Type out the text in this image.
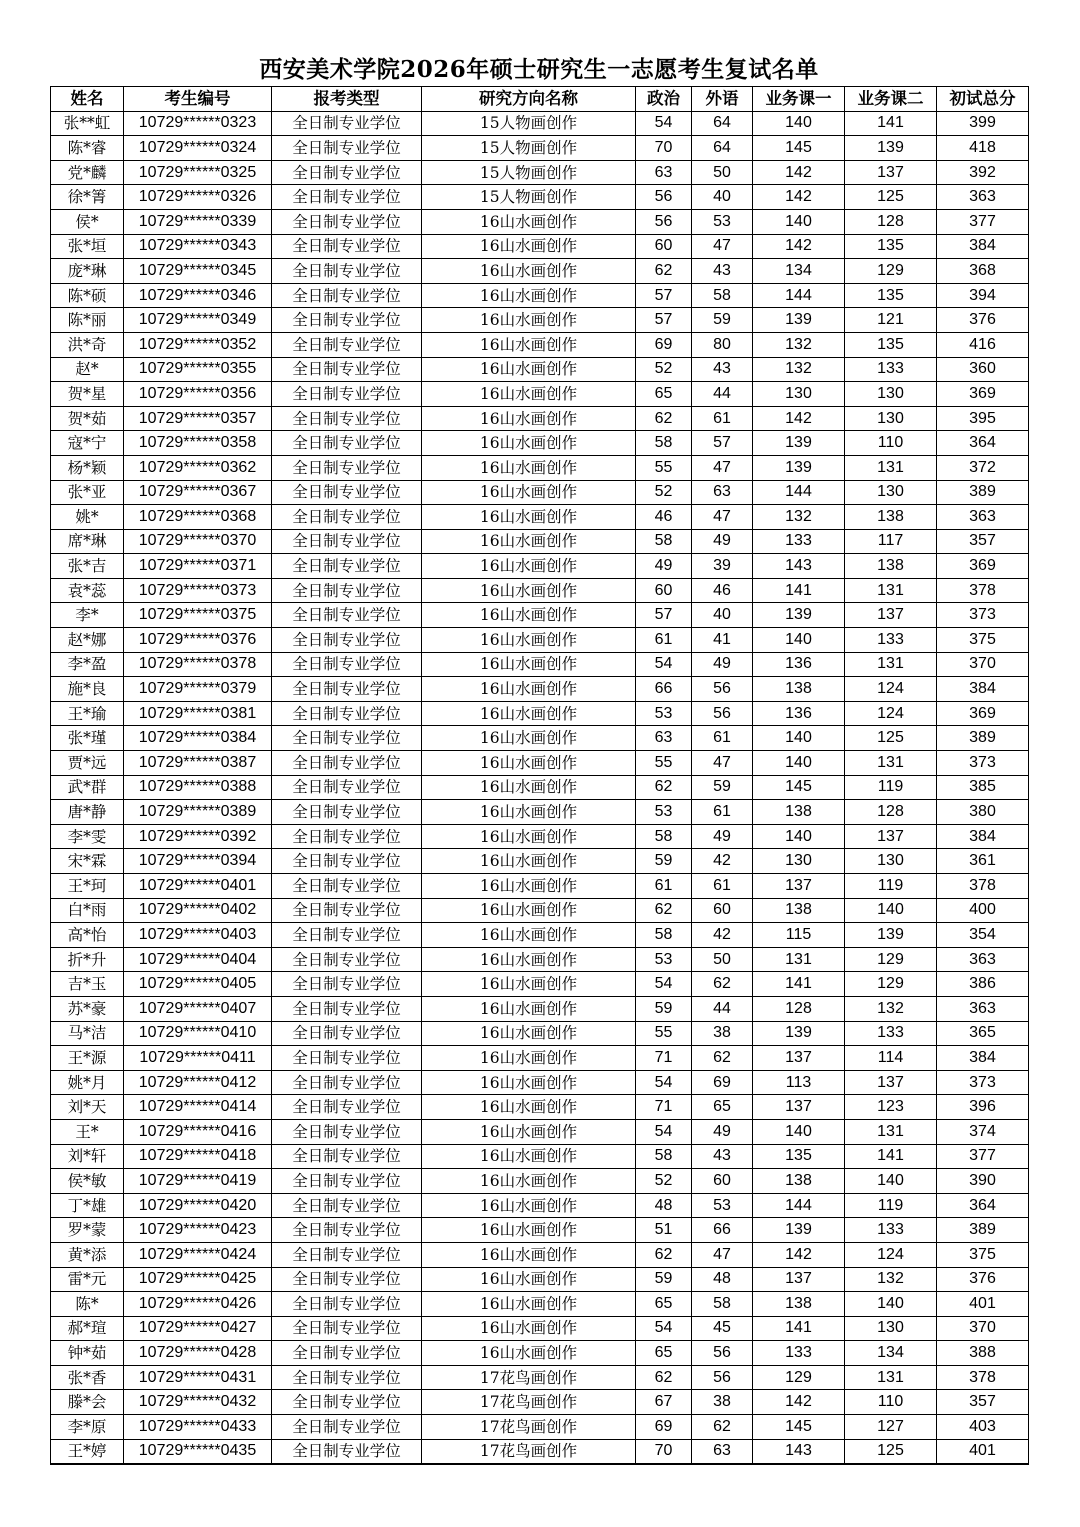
西安美术学院2026年硕士研究生一志愿考生复试名单
姓名	考生编号	报考类型	研究方向名称	政治	外语	业务课一	业务课二	初试总分
张**虹	10729******0323	全日制专业学位	15人物画创作	54	64	140	141	399
陈*睿	10729******0324	全日制专业学位	15人物画创作	70	64	145	139	418
党*麟	10729******0325	全日制专业学位	15人物画创作	63	50	142	137	392
徐*箐	10729******0326	全日制专业学位	15人物画创作	56	40	142	125	363
侯*	10729******0339	全日制专业学位	16山水画创作	56	53	140	128	377
张*垣	10729******0343	全日制专业学位	16山水画创作	60	47	142	135	384
庞*琳	10729******0345	全日制专业学位	16山水画创作	62	43	134	129	368
陈*硕	10729******0346	全日制专业学位	16山水画创作	57	58	144	135	394
陈*丽	10729******0349	全日制专业学位	16山水画创作	57	59	139	121	376
洪*奇	10729******0352	全日制专业学位	16山水画创作	69	80	132	135	416
赵*	10729******0355	全日制专业学位	16山水画创作	52	43	132	133	360
贺*星	10729******0356	全日制专业学位	16山水画创作	65	44	130	130	369
贺*茹	10729******0357	全日制专业学位	16山水画创作	62	61	142	130	395
寇*宁	10729******0358	全日制专业学位	16山水画创作	58	57	139	110	364
杨*颖	10729******0362	全日制专业学位	16山水画创作	55	47	139	131	372
张*亚	10729******0367	全日制专业学位	16山水画创作	52	63	144	130	389
姚*	10729******0368	全日制专业学位	16山水画创作	46	47	132	138	363
席*琳	10729******0370	全日制专业学位	16山水画创作	58	49	133	117	357
张*吉	10729******0371	全日制专业学位	16山水画创作	49	39	143	138	369
袁*蕊	10729******0373	全日制专业学位	16山水画创作	60	46	141	131	378
李*	10729******0375	全日制专业学位	16山水画创作	57	40	139	137	373
赵*娜	10729******0376	全日制专业学位	16山水画创作	61	41	140	133	375
李*盈	10729******0378	全日制专业学位	16山水画创作	54	49	136	131	370
施*良	10729******0379	全日制专业学位	16山水画创作	66	56	138	124	384
王*瑜	10729******0381	全日制专业学位	16山水画创作	53	56	136	124	369
张*瑾	10729******0384	全日制专业学位	16山水画创作	63	61	140	125	389
贾*远	10729******0387	全日制专业学位	16山水画创作	55	47	140	131	373
武*群	10729******0388	全日制专业学位	16山水画创作	62	59	145	119	385
唐*静	10729******0389	全日制专业学位	16山水画创作	53	61	138	128	380
李*雯	10729******0392	全日制专业学位	16山水画创作	58	49	140	137	384
宋*霖	10729******0394	全日制专业学位	16山水画创作	59	42	130	130	361
王*珂	10729******0401	全日制专业学位	16山水画创作	61	61	137	119	378
白*雨	10729******0402	全日制专业学位	16山水画创作	62	60	138	140	400
高*怡	10729******0403	全日制专业学位	16山水画创作	58	42	115	139	354
折*升	10729******0404	全日制专业学位	16山水画创作	53	50	131	129	363
吉*玉	10729******0405	全日制专业学位	16山水画创作	54	62	141	129	386
苏*豪	10729******0407	全日制专业学位	16山水画创作	59	44	128	132	363
马*洁	10729******0410	全日制专业学位	16山水画创作	55	38	139	133	365
王*源	10729******0411	全日制专业学位	16山水画创作	71	62	137	114	384
姚*月	10729******0412	全日制专业学位	16山水画创作	54	69	113	137	373
刘*天	10729******0414	全日制专业学位	16山水画创作	71	65	137	123	396
王*	10729******0416	全日制专业学位	16山水画创作	54	49	140	131	374
刘*轩	10729******0418	全日制专业学位	16山水画创作	58	43	135	141	377
侯*敏	10729******0419	全日制专业学位	16山水画创作	52	60	138	140	390
丁*雄	10729******0420	全日制专业学位	16山水画创作	48	53	144	119	364
罗*蒙	10729******0423	全日制专业学位	16山水画创作	51	66	139	133	389
黄*添	10729******0424	全日制专业学位	16山水画创作	62	47	142	124	375
雷*元	10729******0425	全日制专业学位	16山水画创作	59	48	137	132	376
陈*	10729******0426	全日制专业学位	16山水画创作	65	58	138	140	401
郝*瑄	10729******0427	全日制专业学位	16山水画创作	54	45	141	130	370
钟*茹	10729******0428	全日制专业学位	16山水画创作	65	56	133	134	388
张*香	10729******0431	全日制专业学位	17花鸟画创作	62	56	129	131	378
滕*会	10729******0432	全日制专业学位	17花鸟画创作	67	38	142	110	357
李*原	10729******0433	全日制专业学位	17花鸟画创作	69	62	145	127	403
王*婷	10729******0435	全日制专业学位	17花鸟画创作	70	63	143	125	401
